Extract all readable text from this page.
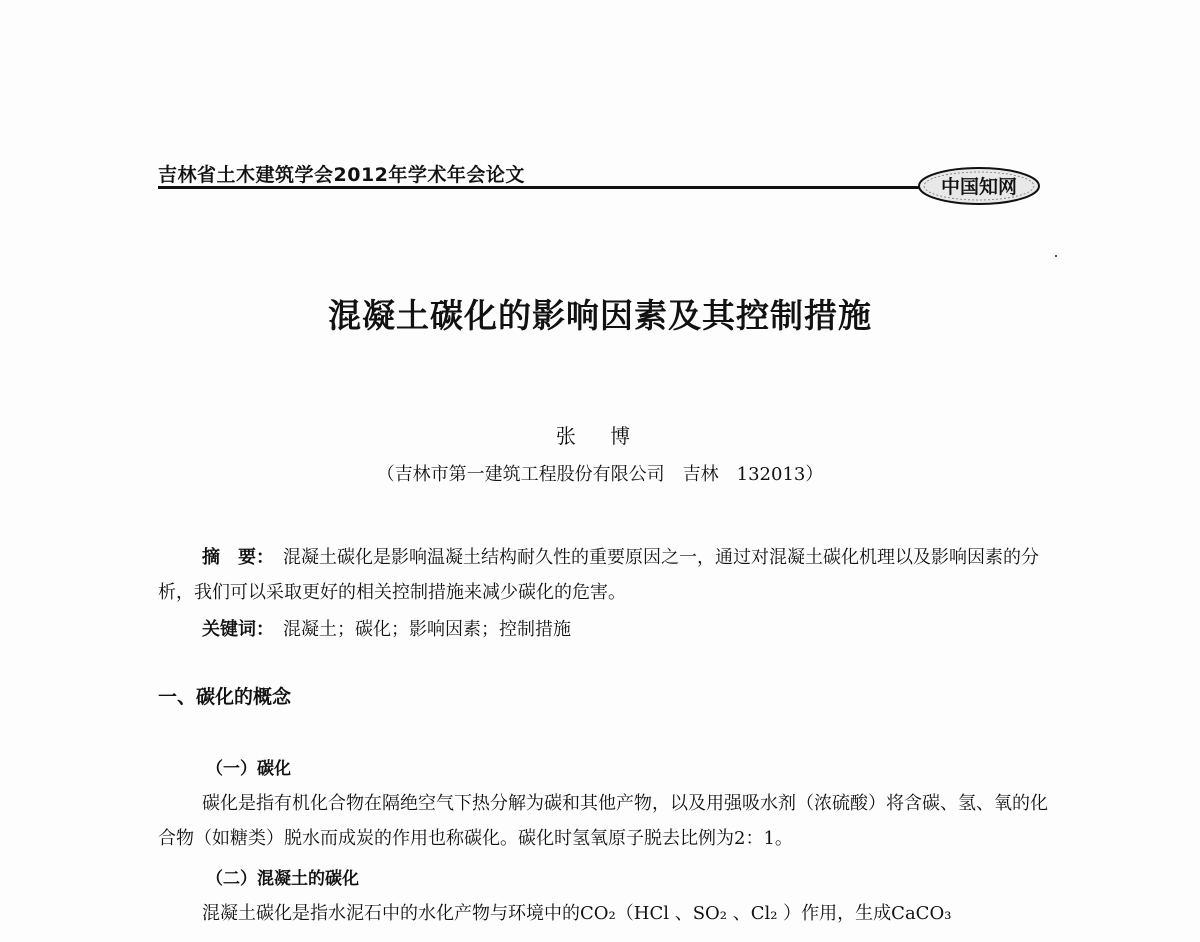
吉林省土木建筑学会2012年学术年会论文
中国知网
混凝土碳化的影响因素及其控制措施
张 博
（吉林市第一建筑工程股份有限公司　吉林　132013）
摘　要：　 混凝土碳化是影响温凝土结构耐久性的重要原因之一，通过对混凝土碳化机理以及影响因素的分析，我们可以采取更好的相关控制措施来减少碳化的危害。
关键词：　 混凝土；碳化；影响因素；控制措施
一、碳化的概念
（一）碳化
碳化是指有机化合物在隔绝空气下热分解为碳和其他产物，以及用强吸水剂（浓硫酸）将含碳、氢、氧的化合物（如糖类）脱水而成炭的作用也称碳化。碳化时氢氧原子脱去比例为2：1。
（二）混凝土的碳化
混凝土碳化是指水泥石中的水化产物与环境中的CO₂（HCl 、SO₂ 、Cl₂ ）作用，生成CaCO₃
